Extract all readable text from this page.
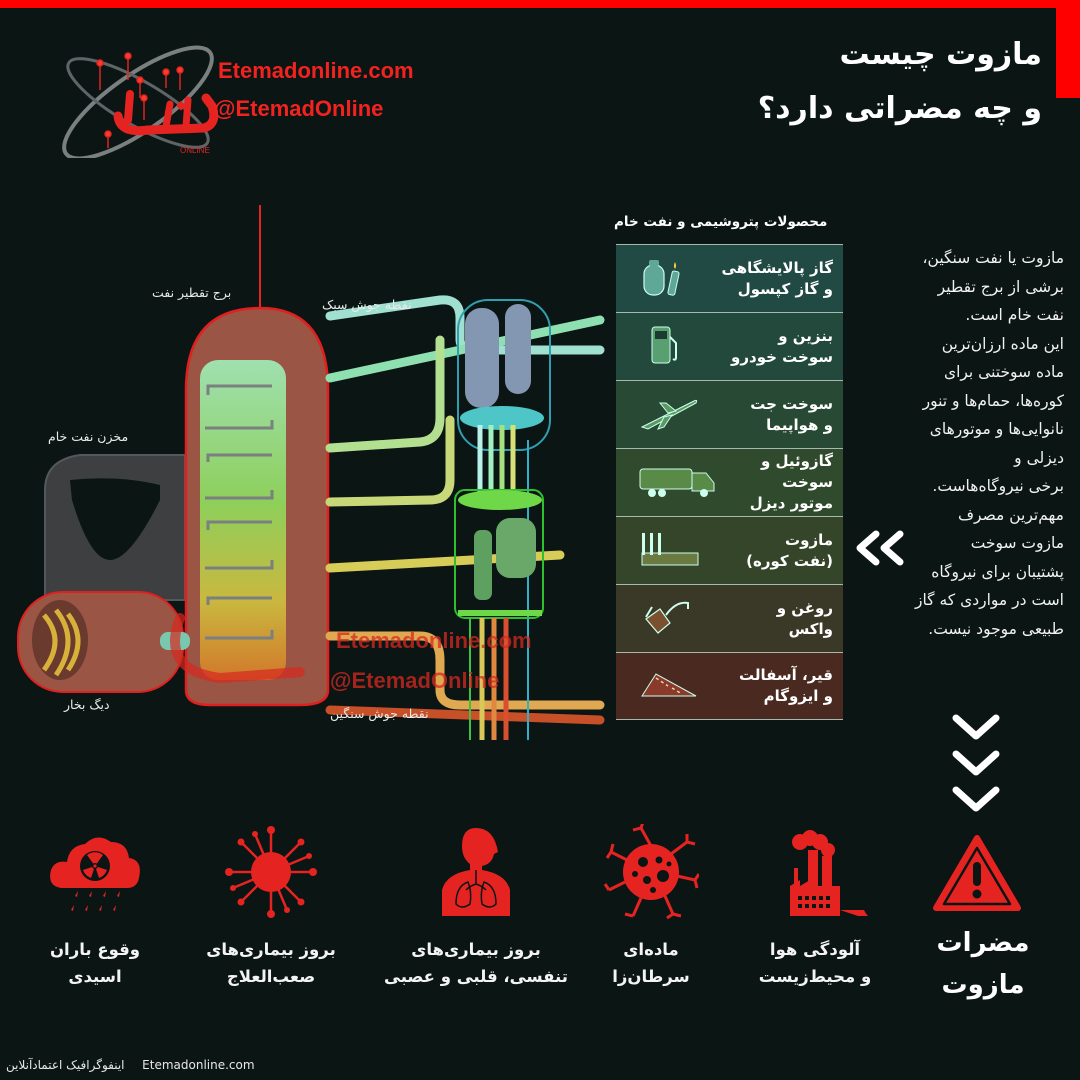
ONLINE
Etemadonline.com
@EtemadOnline
مازوت چیست
و چه مضراتی دارد؟
برج تقطیر نفت
نقطه جوش سبک
مخزن نفت خام
دیگ بخار
نقطه جوش سنگین
Etemadonline.com
@EtemadOnline
محصولات پتروشیمی و نفت خام
گاز پالایشگاهی
و گاز کپسول
بنزین و
سوخت خودرو
سوخت جت
و هواپیما
گازوئیل و سوخت
موتور دیزل
مازوت
(نفت کوره)
روغن و
واکس
قیر، آسفالت
و ایزوگام
مازوت یا نفت سنگین،
برشی از برج تقطیر
نفت خام است.
این ماده ارزان‌ترین
ماده سوختنی برای
کوره‌ها، حمام‌ها و تنور
نانوایی‌ها و موتورهای
دیزلی و
برخی نیروگاه‌هاست.
مهم‌ترین مصرف
مازوت سوخت
پشتیبان برای نیروگاه
است در مواردی که گاز
طبیعی موجود نیست.
مضرات
مازوت
آلودگی هوا
و محیط‌زیست
ماده‌ای
سرطان‌زا
بروز بیماری‌های
تنفسی، قلبی و عصبی
بروز بیماری‌های
صعب‌العلاج
وقوع باران
اسیدی
اینفوگرافیک اعتمادآنلاین Etemadonline.com
